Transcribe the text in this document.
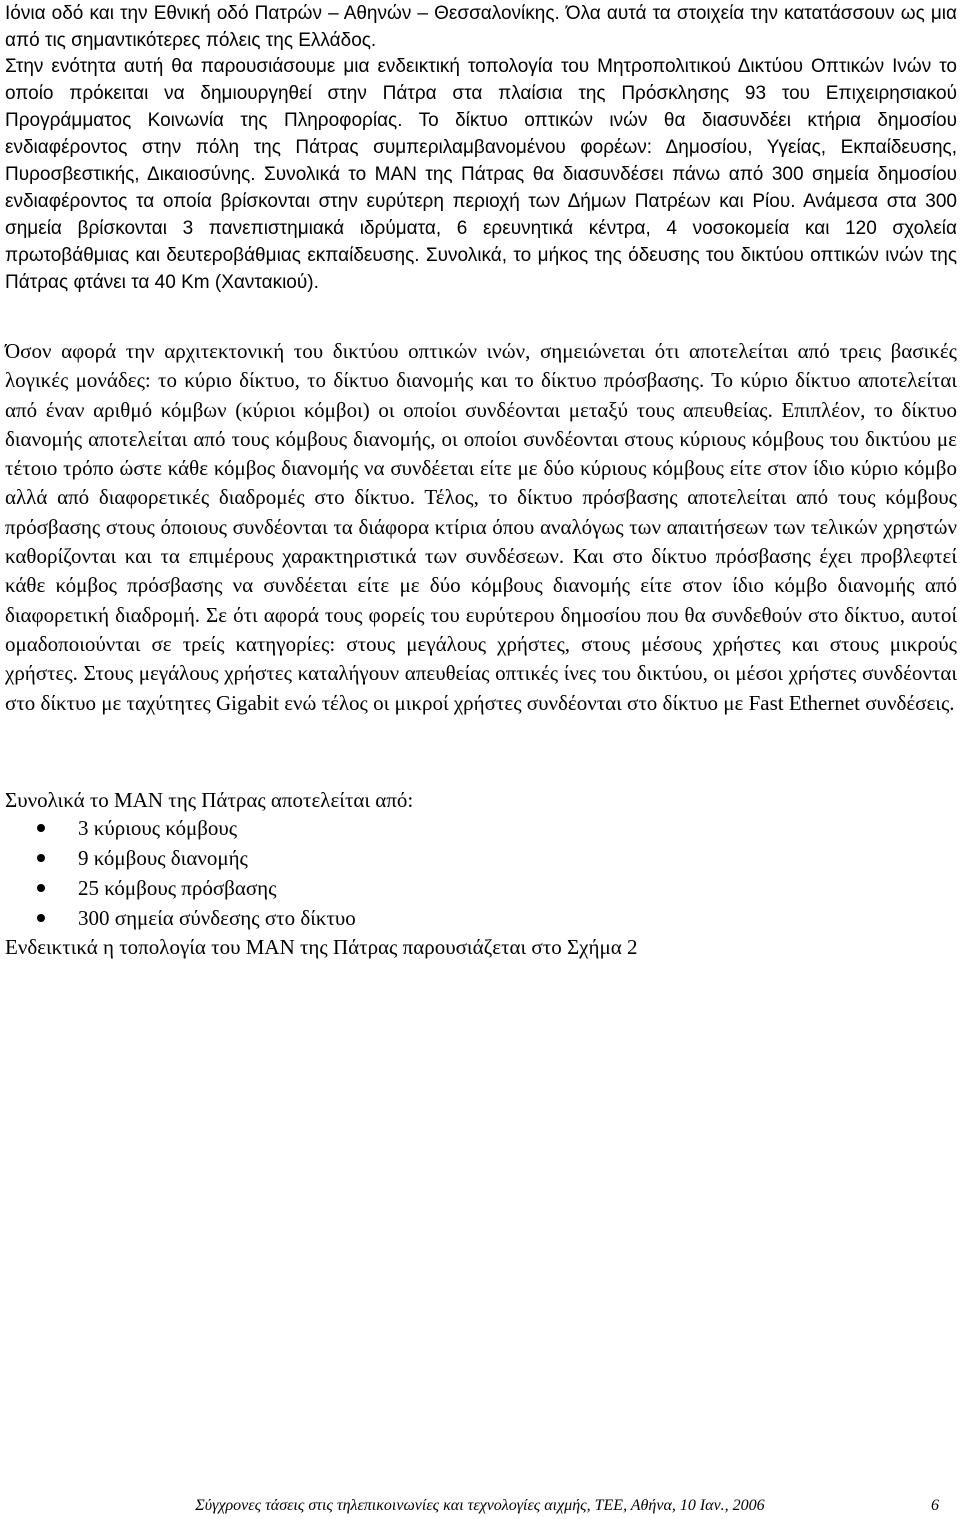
Ιόνια οδό και την Εθνική οδό Πατρών – Αθηνών – Θεσσαλονίκης. Όλα αυτά τα στοιχεία την κατατάσσουν ως μια από τις σημαντικότερες πόλεις της Ελλάδος.

Στην ενότητα αυτή θα παρουσιάσουμε μια ενδεικτική τοπολογία του Μητροπολιτικού Δικτύου Οπτικών Ινών το οποίο πρόκειται να δημιουργηθεί στην Πάτρα στα πλαίσια της Πρόσκλησης 93 του Επιχειρησιακού Προγράμματος Κοινωνία της Πληροφορίας. Το δίκτυο οπτικών ινών θα διασυνδέει κτήρια δημοσίου ενδιαφέροντος στην πόλη της Πάτρας συμπεριλαμβανομένου φορέων: Δημοσίου, Υγείας, Εκπαίδευσης, Πυροσβεστικής, Δικαιοσύνης. Συνολικά το MAN της Πάτρας θα διασυνδέσει πάνω από 300 σημεία δημοσίου ενδιαφέροντος τα οποία βρίσκονται στην ευρύτερη περιοχή των Δήμων Πατρέων και Ρίου. Ανάμεσα στα 300 σημεία βρίσκονται 3 πανεπιστημιακά ιδρύματα, 6 ερευνητικά κέντρα, 4 νοσοκομεία και 120 σχολεία πρωτοβάθμιας και δευτεροβάθμιας εκπαίδευσης. Συνολικά, το μήκος της όδευσης του δικτύου οπτικών ινών της Πάτρας φτάνει τα 40 Km (Χαντακιού).

Όσον αφορά την αρχιτεκτονική του δικτύου οπτικών ινών, σημειώνεται ότι αποτελείται από τρεις βασικές λογικές μονάδες: το κύριο δίκτυο, το δίκτυο διανομής και το δίκτυο πρόσβασης. Το κύριο δίκτυο αποτελείται από έναν αριθμό κόμβων (κύριοι κόμβοι) οι οποίοι συνδέονται μεταξύ τους απευθείας. Επιπλέον, το δίκτυο διανομής αποτελείται από τους κόμβους διανομής, οι οποίοι συνδέονται στους κύριους κόμβους του δικτύου με τέτοιο τρόπο ώστε κάθε κόμβος διανομής να συνδέεται είτε με δύο κύριους κόμβους είτε στον ίδιο κύριο κόμβο αλλά από διαφορετικές διαδρομές στο δίκτυο. Τέλος, το δίκτυο πρόσβασης αποτελείται από τους κόμβους πρόσβασης στους όποιους συνδέονται τα διάφορα κτίρια όπου αναλόγως των απαιτήσεων των τελικών χρηστών καθορίζονται και τα επιμέρους χαρακτηριστικά των συνδέσεων. Και στο δίκτυο πρόσβασης έχει προβλεφτεί κάθε κόμβος πρόσβασης να συνδέεται είτε με δύο κόμβους διανομής είτε στον ίδιο κόμβο διανομής από διαφορετική διαδρομή. Σε ότι αφορά τους φορείς του ευρύτερου δημοσίου που θα συνδεθούν στο δίκτυο, αυτοί ομαδοποιούνται σε τρείς κατηγορίες: στους μεγάλους χρήστες, στους μέσους χρήστες και στους μικρούς χρήστες. Στους μεγάλους χρήστες καταλήγουν απευθείας οπτικές ίνες του δικτύου, οι μέσοι χρήστες συνδέονται στο δίκτυο με ταχύτητες Gigabit ενώ τέλος οι μικροί χρήστες συνδέονται στο δίκτυο με Fast Ethernet συνδέσεις.

Συνολικά το MAN της Πάτρας αποτελείται από:

3 κύριους κόμβους
9 κόμβους διανομής
25 κόμβους πρόσβασης
300 σημεία σύνδεσης στο δίκτυο

Ενδεικτικά η τοπολογία του MAN της Πάτρας παρουσιάζεται στο Σχήμα 2

Σύγχρονες τάσεις στις τηλεπικοινωνίες και τεχνολογίες αιχμής, ΤΕΕ, Αθήνα, 10 Ιαν., 2006	6
